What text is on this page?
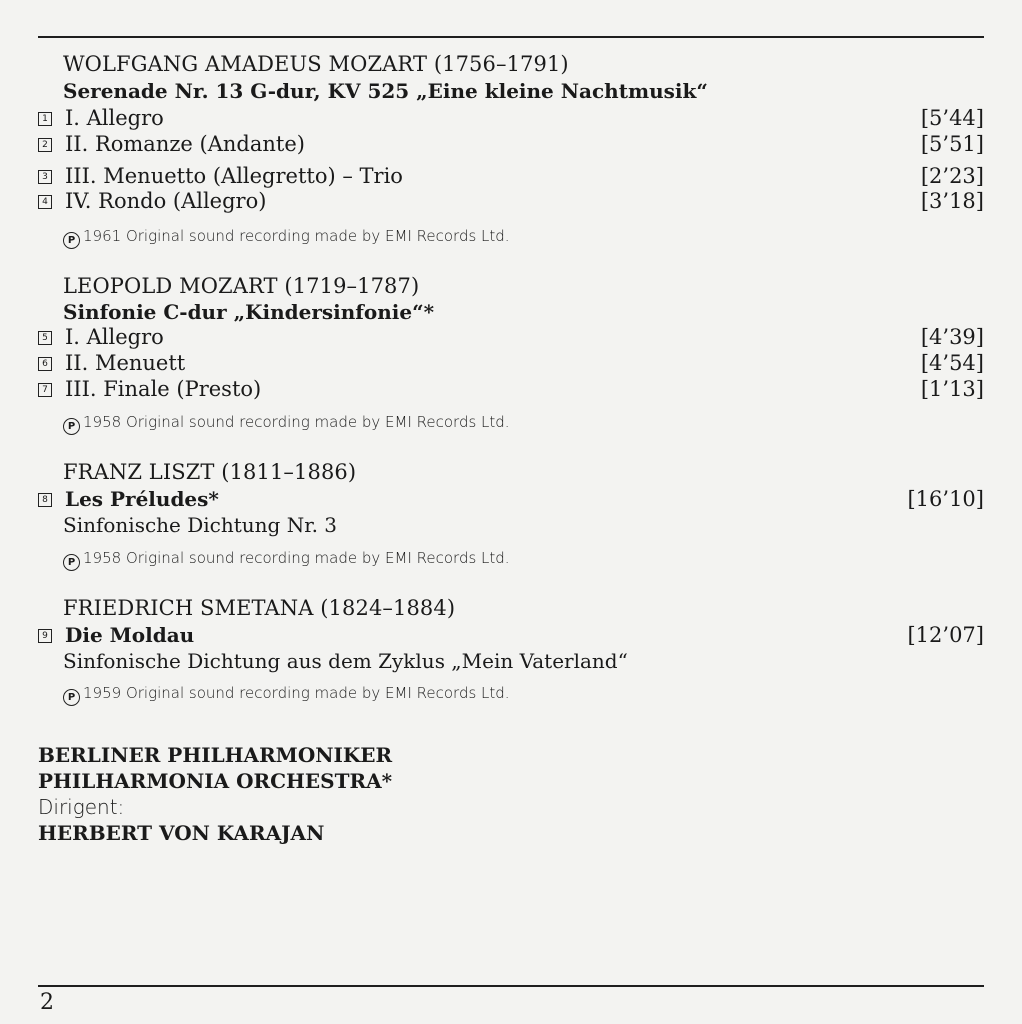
WOLFGANG AMADEUS MOZART (1756–1791)
Serenade Nr. 13 G-dur, KV 525 „Eine kleine Nachtmusik“
1 I. Allegro	[5’44]
2 II. Romanze (Andante)	[5’51]
3 III. Menuetto (Allegretto) – Trio	[2’23]
4 IV. Rondo (Allegro)	[3’18]
P 1961 Original sound recording made by EMI Records Ltd.
LEOPOLD MOZART (1719–1787)
Sinfonie C-dur „Kindersinfonie“*
5 I. Allegro	[4’39]
6 II. Menuett	[4’54]
7 III. Finale (Presto)	[1’13]
P 1958 Original sound recording made by EMI Records Ltd.
FRANZ LISZT (1811–1886)
8 Les Préludes*	[16’10]
Sinfonische Dichtung Nr. 3
P 1958 Original sound recording made by EMI Records Ltd.
FRIEDRICH SMETANA (1824–1884)
9 Die Moldau	[12’07]
Sinfonische Dichtung aus dem Zyklus „Mein Vaterland“
P 1959 Original sound recording made by EMI Records Ltd.
BERLINER PHILHARMONIKER
PHILHARMONIA ORCHESTRA*
Dirigent:
HERBERT VON KARAJAN
2
